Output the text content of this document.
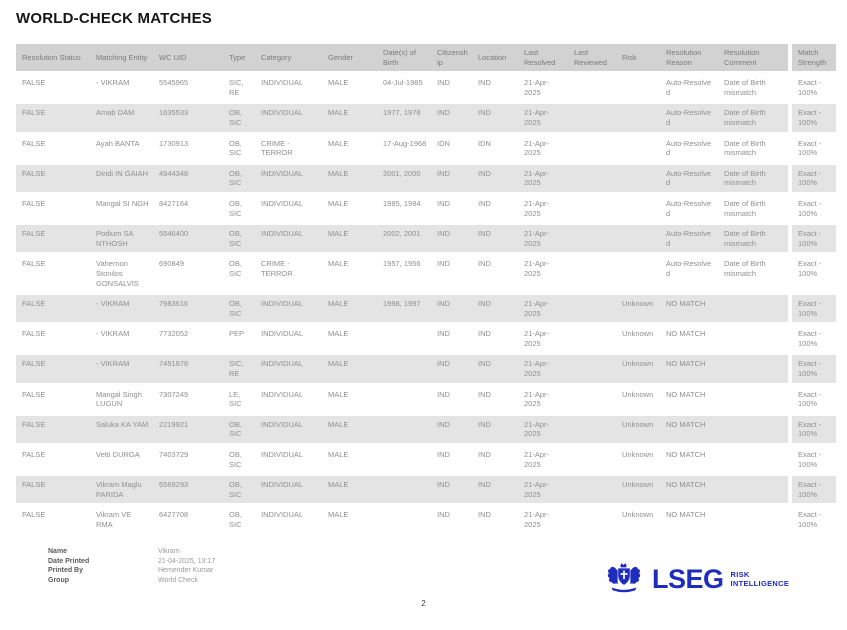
WORLD-CHECK MATCHES
Resolution Status	Matching Entity	WC UID	Type	Category	Gender	Date(s) of Birth	Citizenship	Location	Last Resolved	Last Reviewed	Risk	Resolution Reason	Resolution Comment	Match Strength
FALSE	- VIKRAM	5545965	SIC, RE	INDIVIDUAL	MALE	04-Jul-1985	IND	IND	21-Apr-2025			Auto-Resolved	Date of Birth mismatch	Exact - 100%
FALSE	Amab DAM	1635533	OB, SIC	INDIVIDUAL	MALE	1977, 1978	IND	IND	21-Apr-2025			Auto-Resolved	Date of Birth mismatch	Exact - 100%
FALSE	Ayah BANTA	1730913	OB, SIC	CRIME - TERROR	MALE	17-Aug-1968	IDN	IDN	21-Apr-2025			Auto-Resolved	Date of Birth mismatch	Exact - 100%
FALSE	Diridi IN GAIAH	4944348	OB, SIC	INDIVIDUAL	MALE	2001, 2000	IND	IND	21-Apr-2025			Auto-Resolved	Date of Birth mismatch	Exact - 100%
FALSE	Mangal SI NGH	8427164	OB, SIC	INDIVIDUAL	MALE	1985, 1984	IND	IND	21-Apr-2025			Auto-Resolved	Date of Birth mismatch	Exact - 100%
FALSE	Podium SA NTHOSH	5546400	OB, SIC	INDIVIDUAL	MALE	2002, 2001	IND	IND	21-Apr-2025			Auto-Resolved	Date of Birth mismatch	Exact - 100%
FALSE	Vahernon Stonilos GONSALVIS	690849	OB, SIC	CRIME - TERROR	MALE	1957, 1956	IND	IND	21-Apr-2025			Auto-Resolved	Date of Birth mismatch	Exact - 100%
FALSE	- VIKRAM	7983616	OB, SIC	INDIVIDUAL	MALE	1998, 1997	IND	IND	21-Apr-2025		Unknown	NO MATCH		Exact - 100%
FALSE	- VIKRAM	7732052	PEP	INDIVIDUAL	MALE		IND	IND	21-Apr-2025		Unknown	NO MATCH		Exact - 100%
FALSE	- VIKRAM	7451878	SIC, RE	INDIVIDUAL	MALE		IND	IND	21-Apr-2025		Unknown	NO MATCH		Exact - 100%
FALSE	Mangal Singh LUGUN	7307249	LE, SIC	INDIVIDUAL	MALE		IND	IND	21-Apr-2025		Unknown	NO MATCH		Exact - 100%
FALSE	Saluka KA YAM	2219921	OB, SIC	INDIVIDUAL	MALE		IND	IND	21-Apr-2025		Unknown	NO MATCH		Exact - 100%
FALSE	Vetti DURGA	7403729	OB, SIC	INDIVIDUAL	MALE		IND	IND	21-Apr-2025		Unknown	NO MATCH		Exact - 100%
FALSE	Vikram Maglu PARIDA	6569293	OB, SIC	INDIVIDUAL	MALE		IND	IND	21-Apr-2025		Unknown	NO MATCH		Exact - 100%
FALSE	Vikram VE RMA	6427708	OB, SIC	INDIVIDUAL	MALE		IND	IND	21-Apr-2025		Unknown	NO MATCH		Exact - 100%
Name	Vikram
Date Printed	21-04-2025, 13:17
Printed By	Hemender Kumar
Group	World Check	LSEG RISK
INTELLIGENCE
2
